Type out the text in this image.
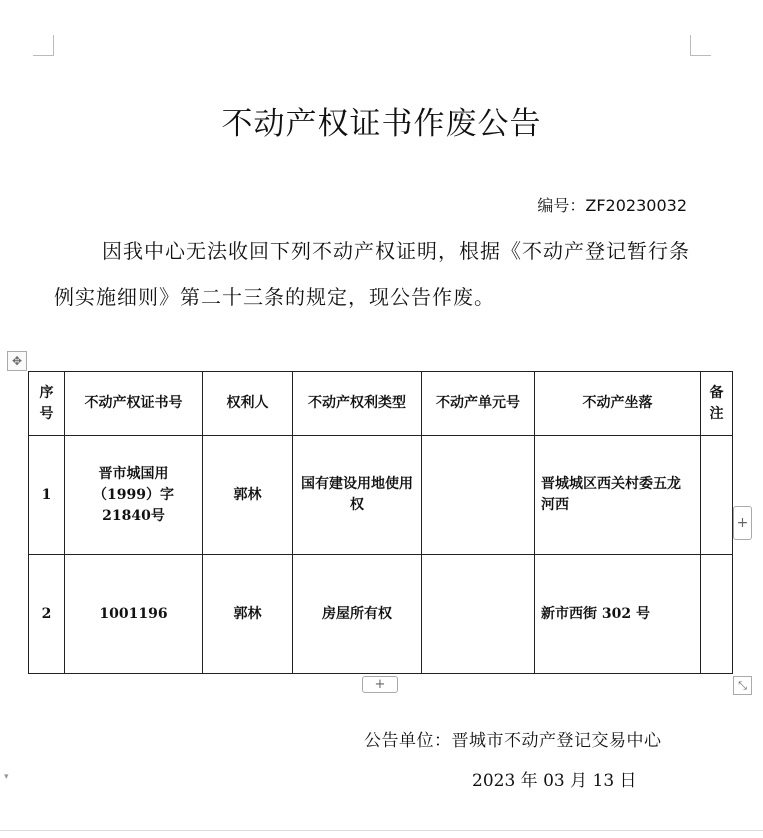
不动产权证书作废公告
编号：ZF20230032
因我中心无法收回下列不动产权证明，根据《不动产登记暂行条例实施细则》第二十三条的规定，现公告作废。
✥
序号	不动产权证书号	权利人	不动产权利类型	不动产单元号	不动产坐落	备注
1	晋市城国用（1999）字 21840号	郭林	国有建设用地使用权		晋城城区西关村委五龙河西	
2	1001196	郭林	房屋所有权		新市西街 302 号	
+
+	⤡
公告单位：晋城市不动产登记交易中心
2023 年 03 月 13 日
▾
